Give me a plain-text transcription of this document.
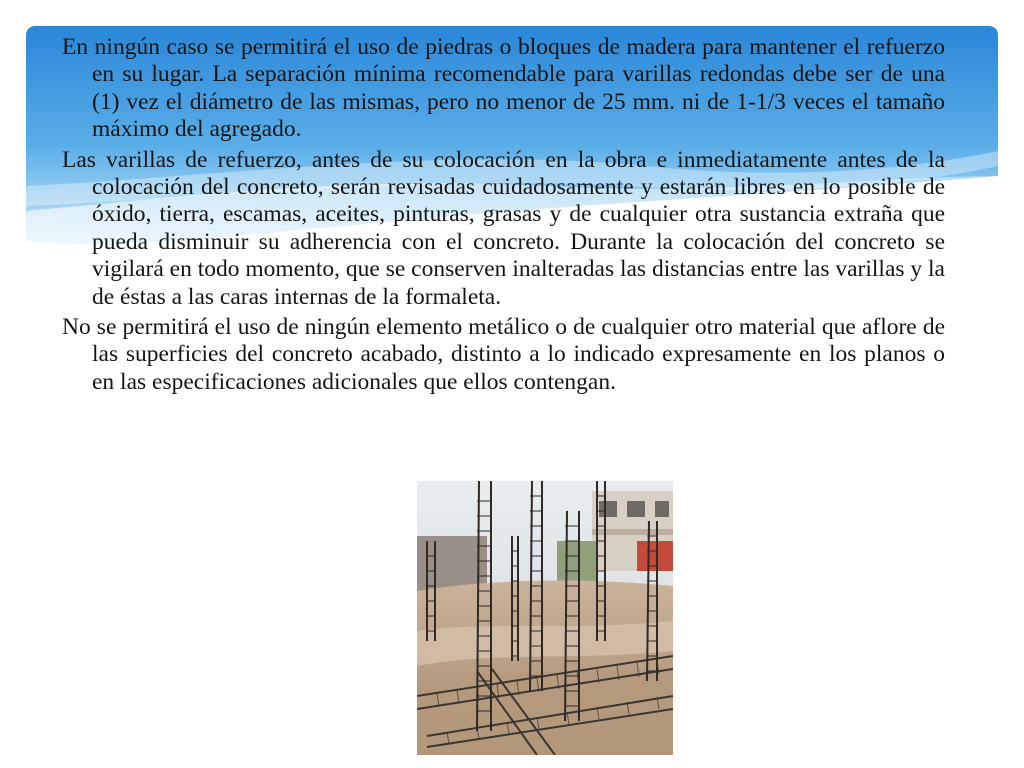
En ningún caso se permitirá el uso de piedras o bloques de madera para mantener el refuerzo en su lugar. La separación mínima recomendable para varillas redondas debe ser de una (1) vez el diámetro de las mismas, pero no menor de 25 mm. ni de 1-1/3 veces el tamaño máximo del agregado.

Las varillas de refuerzo, antes de su colocación en la obra e inmediatamente antes de la colocación del concreto, serán revisadas cuidadosamente y estarán libres en lo posible de óxido, tierra, escamas, aceites, pinturas, grasas y de cualquier otra sustancia extraña que pueda disminuir su adherencia con el concreto. Durante la colocación del concreto se vigilará en todo momento, que se conserven inalteradas las distancias entre las varillas y la de éstas a las caras internas de la formaleta.

No se permitirá el uso de ningún elemento metálico o de cualquier otro material que aflore de las superficies del concreto acabado, distinto a lo indicado expresamente en los planos o en las especificaciones adicionales que ellos contengan.
